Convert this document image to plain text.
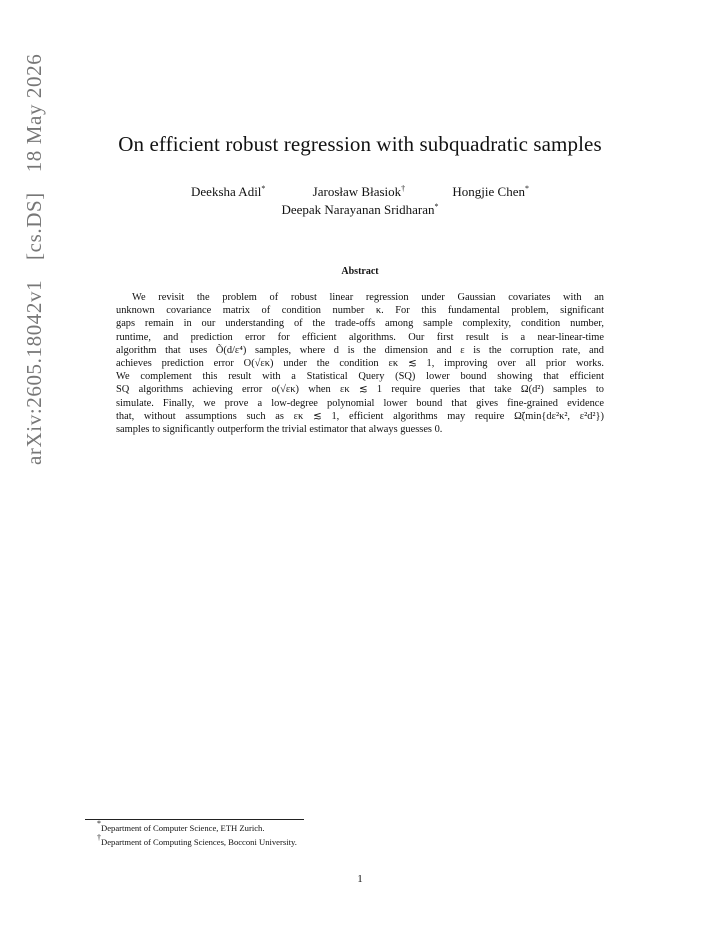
arXiv:2605.18042v1 [cs.DS] 18 May 2026	On efficient robust regression with subquadratic samples
Deeksha Adil*	Jarosław Błasiok†	Hongjie Chen*
Deepak Narayanan Sridharan*
Abstract
We revisit the problem of robust linear regression under Gaussian covariates with an
unknown covariance matrix of condition number κ. For this fundamental problem, significant
gaps remain in our understanding of the trade-offs among sample complexity, condition number,
runtime, and prediction error for efficient algorithms. Our first result is a near-linear-time
algorithm that uses Õ(d/ε⁴) samples, where d is the dimension and ε is the corruption rate, and
achieves prediction error O(√εκ) under the condition εκ ≲ 1, improving over all prior works.
We complement this result with a Statistical Query (SQ) lower bound showing that efficient
SQ algorithms achieving error o(√εκ) when εκ ≲ 1 require queries that take Ω(d²) samples to
simulate. Finally, we prove a low-degree polynomial lower bound that gives fine-grained evidence
that, without assumptions such as εκ ≲ 1, efficient algorithms may require Ω̃(min{dε²κ², ε²d²})
samples to significantly outperform the trivial estimator that always guesses 0.
*Department of Computer Science, ETH Zurich.
†Department of Computing Sciences, Bocconi University.
1
